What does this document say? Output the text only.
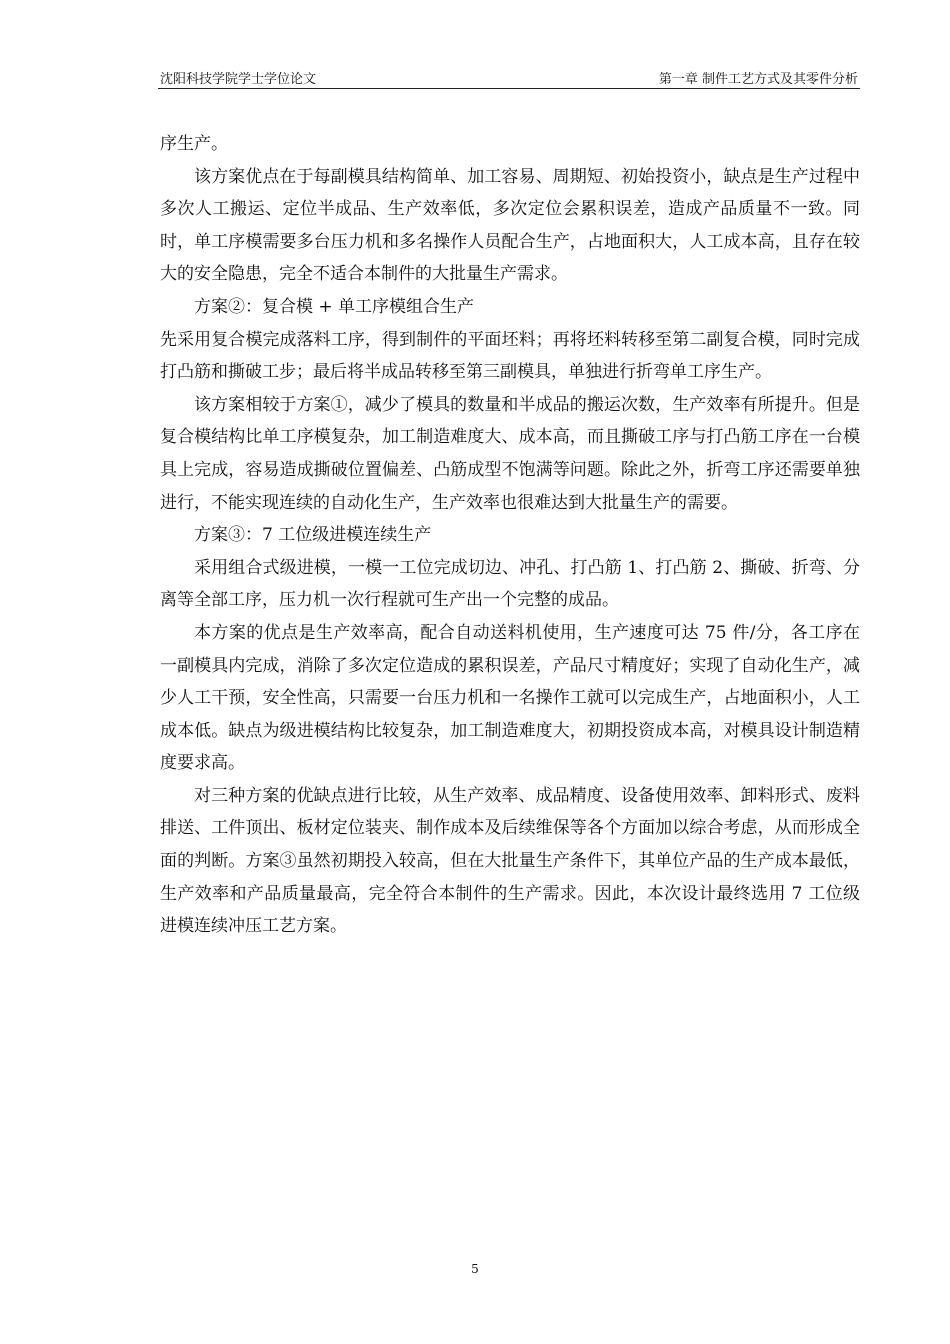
沈阳科技学院学士学位论文	第一章 制件工艺方式及其零件分析

序生产。

该方案优点在于每副模具结构简单、加工容易、周期短、初始投资小，缺点是生产过程中多次人工搬运、定位半成品、生产效率低，多次定位会累积误差，造成产品质量不一致。同时，单工序模需要多台压力机和多名操作人员配合生产，占地面积大，人工成本高，且存在较大的安全隐患，完全不适合本制件的大批量生产需求。

方案②：复合模 + 单工序模组合生产

先采用复合模完成落料工序，得到制件的平面坯料；再将坯料转移至第二副复合模，同时完成打凸筋和撕破工步；最后将半成品转移至第三副模具，单独进行折弯单工序生产。

该方案相较于方案①，减少了模具的数量和半成品的搬运次数，生产效率有所提升。但是复合模结构比单工序模复杂，加工制造难度大、成本高，而且撕破工序与打凸筋工序在一台模具上完成，容易造成撕破位置偏差、凸筋成型不饱满等问题。除此之外，折弯工序还需要单独进行，不能实现连续的自动化生产，生产效率也很难达到大批量生产的需要。

方案③：7 工位级进模连续生产

采用组合式级进模，一模一工位完成切边、冲孔、打凸筋 1、打凸筋 2、撕破、折弯、分离等全部工序，压力机一次行程就可生产出一个完整的成品。

本方案的优点是生产效率高，配合自动送料机使用，生产速度可达 75 件/分，各工序在一副模具内完成，消除了多次定位造成的累积误差，产品尺寸精度好；实现了自动化生产，减少人工干预，安全性高，只需要一台压力机和一名操作工就可以完成生产，占地面积小，人工成本低。缺点为级进模结构比较复杂，加工制造难度大，初期投资成本高，对模具设计制造精度要求高。

对三种方案的优缺点进行比较，从生产效率、成品精度、设备使用效率、卸料形式、废料排送、工件顶出、板材定位装夹、制作成本及后续维保等各个方面加以综合考虑，从而形成全面的判断。方案③虽然初期投入较高，但在大批量生产条件下，其单位产品的生产成本最低，生产效率和产品质量最高，完全符合本制件的生产需求。因此，本次设计最终选用 7 工位级进模连续冲压工艺方案。

5
